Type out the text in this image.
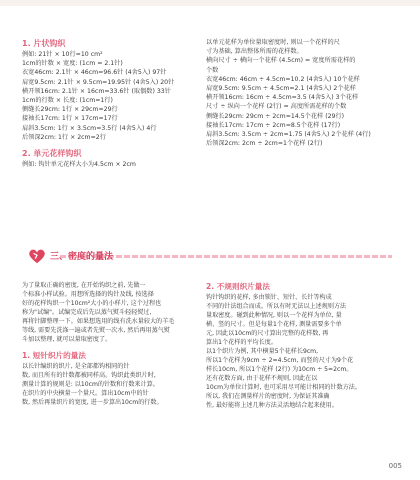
1. 片状钩织
例如: 21针 × 10行=10 cm²
1cm的针数 × 宽度: (1cm = 2.1针)
衣宽46cm: 2.1针 × 46cm=96.6针 (4舍5入) 97针
肩宽9.5cm: 2.1针 × 9.5cm=19.95针 (4舍5入) 20针
横开领16cm: 2.1针 × 16cm=33.6针 (取偶数) 33针
1cm的行数 × 长度: (1cm=1行)
侧缝长29cm: 1行 × 29cm=29行
接袖长17cm: 1行 × 17cm=17行
肩斜3.5cm: 1行 × 3.5cm=3.5行 (4舍5入) 4行
后领深2cm: 1行 × 2cm=2行
2. 单元花样钩织
例如: 钩针单元花样大小为4.5cm × 2cm
以单元花样为单位量取密度时, 则以一个花样的尺
寸为基础, 算出整体所需的花样数。
横向尺寸 ÷ 横向一个花样 (4.5cm) = 宽度所需花样的
个数
衣宽46cm: 46cm ÷ 4.5cm=10.2 (4舍5入) 10个花样
肩宽9.5cm: 9.5cm ÷ 4.5cm=2.1 (4舍5入) 2个花样
横开领16cm: 16cm ÷ 4.5cm=3.5 (4舍5入) 3个花样
尺寸 ÷ 纵向一个花样 (2行) = 高度所需花样的个数
侧缝长29cm: 29cm ÷ 2cm=14.5个花样 (29行)
接袖长17cm: 17cm ÷ 2cm=8.5个花样 (17行)
肩斜3.5cm: 3.5cm ÷ 2cm=1.75 (4舍5入) 2个花样 (4行)
后领深2cm: 2cm ÷ 2cm=1个花样 (2行)
三、密度的量法
为了量取正确的密度, 在开始钩织之前, 先做一
个标准小样试验。用想所选择的钩针及线, 按选择
好的花样钩织一个10cm²大小的小样片, 这个过程也
称为"试编"。试编完成后先以蒸气熨斗轻轻熨过,
再将针脚整理一下。如果想选用的线有洗水量较大的羊毛
等线, 需要先洗涤一遍或者先熨一次水, 然后再用蒸气熨
斗加以整理, 就可以量取密度了。
1. 短针织片的量法
以长针编织的织片, 是全部都钩相同的针
数, 而且所有的针数都被同样高。钩织此类织片时,
测量计算的规则是: 以10cm的针数和行数来计算。
在织片的中央横量一个量尺。算出10cm中的针
数, 然后再量织片的宽度, 进一步算出10cm的行数。
2. 不规则织片量法
钩针钩织的花样, 多由锁针、短针、长针等构成
不同的针法组合而成。所以有时无法以上述规则方法
量取密度。碰到此种情况, 则以一个花样为单位, 量
横、竖的尺寸。但是每量1个花样, 测量需要多个单
元, 因此以10cm的尺寸算出完整的花样数, 再
算出1个花样的平均长度。
以1个织片为例, 其中横量5个花样长9cm,
所以1个花样为9cm ÷ 2=4.5cm, 而竖的尺寸为9个花
样长10cm, 所以1个花样 (2行) 为10cm ÷ 5=2cm。
还有花数方面, 由于花样不规则, 因此在以
10cm为单位计算时, 也可采用尽可能计相同的针数方法。
所以, 我们在测量样片的密度时, 为保证其准确
性, 最好能将上述几种方法灵活地结合起来使用。
005
